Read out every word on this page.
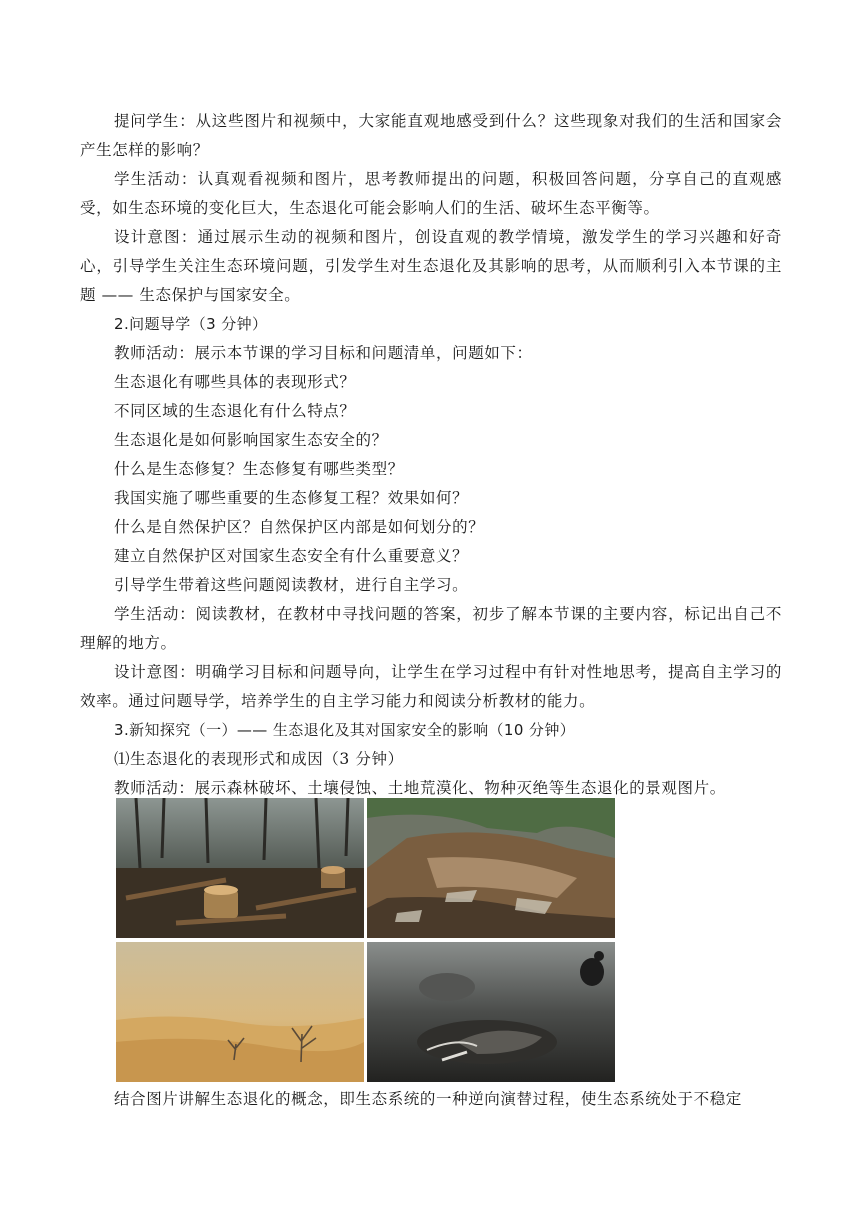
提问学生：从这些图片和视频中，大家能直观地感受到什么？这些现象对我们的生活和国家会产生怎样的影响？

学生活动：认真观看视频和图片，思考教师提出的问题，积极回答问题，分享自己的直观感受，如生态环境的变化巨大，生态退化可能会影响人们的生活、破坏生态平衡等。

设计意图：通过展示生动的视频和图片，创设直观的教学情境，激发学生的学习兴趣和好奇心，引导学生关注生态环境问题，引发学生对生态退化及其影响的思考，从而顺利引入本节课的主题 —— 生态保护与国家安全。

2.问题导学（3 分钟）

教师活动：展示本节课的学习目标和问题清单，问题如下：

生态退化有哪些具体的表现形式？

不同区域的生态退化有什么特点？

生态退化是如何影响国家生态安全的？

什么是生态修复？生态修复有哪些类型？

我国实施了哪些重要的生态修复工程？效果如何？

什么是自然保护区？自然保护区内部是如何划分的？

建立自然保护区对国家生态安全有什么重要意义？

引导学生带着这些问题阅读教材，进行自主学习。

学生活动：阅读教材，在教材中寻找问题的答案，初步了解本节课的主要内容，标记出自己不理解的地方。

设计意图：明确学习目标和问题导向，让学生在学习过程中有针对性地思考，提高自主学习的效率。通过问题导学，培养学生的自主学习能力和阅读分析教材的能力。

3.新知探究（一）—— 生态退化及其对国家安全的影响（10 分钟）

⑴生态退化的表现形式和成因（3 分钟）

教师活动：展示森林破坏、土壤侵蚀、土地荒漠化、物种灭绝等生态退化的景观图片。

结合图片讲解生态退化的概念，即生态系统的一种逆向演替过程，使生态系统处于不稳定
